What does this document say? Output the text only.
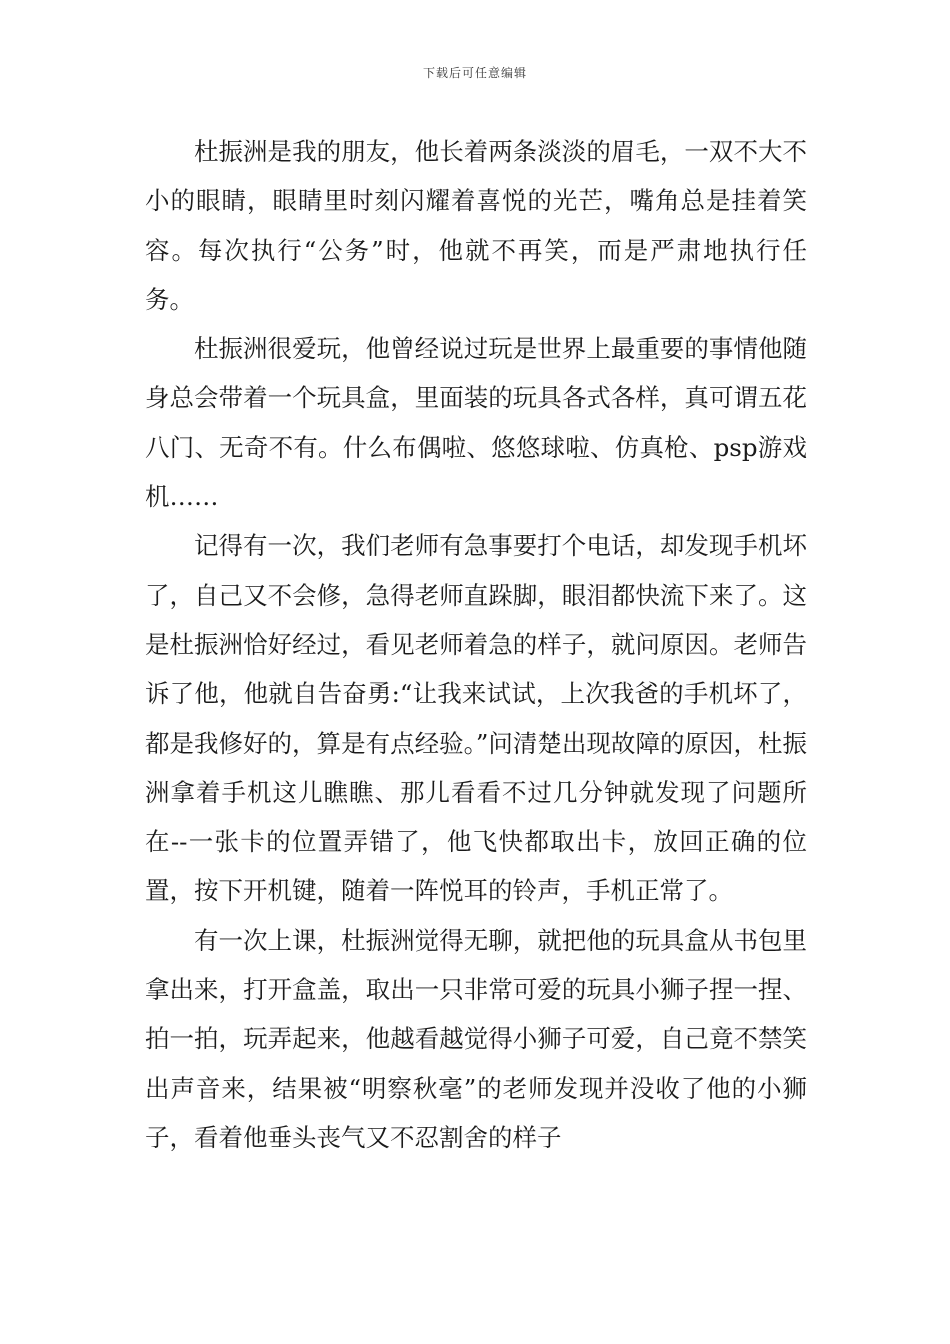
下载后可任意编辑

杜振洲是我的朋友，他长着两条淡淡的眉毛，一双不大不小的眼睛，眼睛里时刻闪耀着喜悦的光芒，嘴角总是挂着笑容。每次执行“公务”时，他就不再笑，而是严肃地执行任务。

杜振洲很爱玩，他曾经说过玩是世界上最重要的事情他随身总会带着一个玩具盒，里面装的玩具各式各样，真可谓五花八门、无奇不有。什么布偶啦、悠悠球啦、仿真枪、psp游戏机……

记得有一次，我们老师有急事要打个电话，却发现手机坏了，自己又不会修，急得老师直跺脚，眼泪都快流下来了。这是杜振洲恰好经过，看见老师着急的样子，就问原因。老师告诉了他，他就自告奋勇:“让我来试试，上次我爸的手机坏了，都是我修好的，算是有点经验。”问清楚出现故障的原因，杜振洲拿着手机这儿瞧瞧、那儿看看不过几分钟就发现了问题所在--一张卡的位置弄错了，他飞快都取出卡，放回正确的位置，按下开机键，随着一阵悦耳的铃声，手机正常了。

有一次上课，杜振洲觉得无聊，就把他的玩具盒从书包里拿出来，打开盒盖，取出一只非常可爱的玩具小狮子捏一捏、拍一拍，玩弄起来，他越看越觉得小狮子可爱，自己竟不禁笑出声音来，结果被“明察秋毫”的老师发现并没收了他的小狮子，看着他垂头丧气又不忍割舍的样子
